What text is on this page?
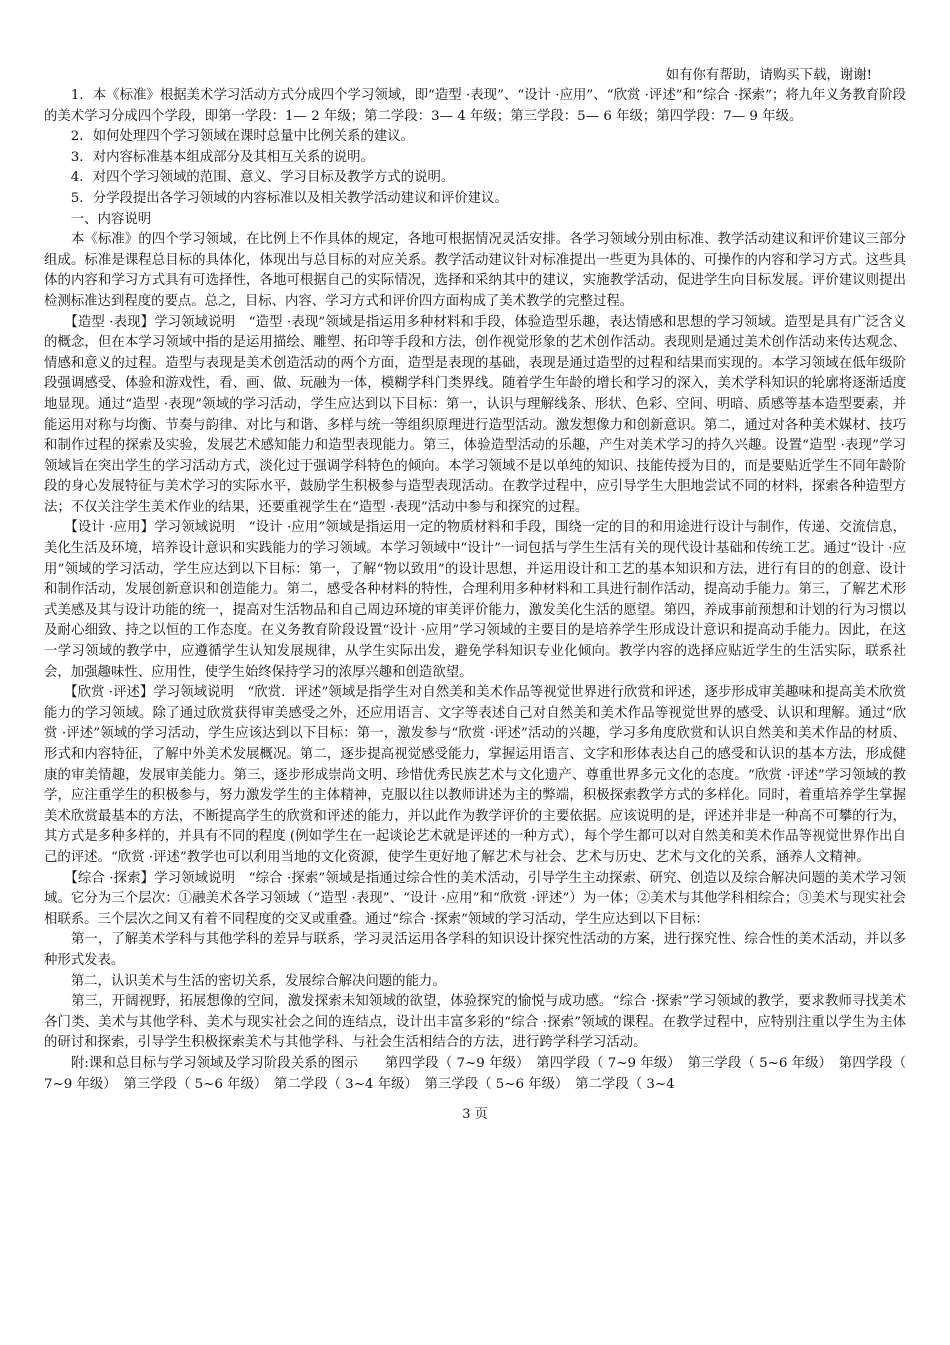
如有你有帮助，请购买下载，谢谢!

　　1．本《标准》根据美术学习活动方式分成四个学习领域，即“造型 ·表现”、“设计 ·应用”、“欣赏 ·评述”和“综合 ·探索”；将九年义务教育阶段的美术学习分成四个学段，即第一学段：1— 2 年级；第二学段：3— 4 年级；第三学段：5— 6 年级；第四学段：7— 9 年级。

　　2．如何处理四个学习领域在课时总量中比例关系的建议。

　　3．对内容标准基本组成部分及其相互关系的说明。

　　4．对四个学习领域的范围、意义、学习目标及教学方式的说明。

　　5．分学段提出各学习领域的内容标准以及相关教学活动建议和评价建议。

　　一、内容说明

　　本《标准》的四个学习领域，在比例上不作具体的规定，各地可根据情况灵活安排。各学习领域分别由标准、教学活动建议和评价建议三部分组成。标准是课程总目标的具体化，体现出与总目标的对应关系。教学活动建议针对标准提出一些更为具体的、可操作的内容和学习方式。这些具体的内容和学习方式具有可选择性，各地可根据自己的实际情况，选择和采纳其中的建议，实施教学活动，促进学生向目标发展。评价建议则提出检测标准达到程度的要点。总之，目标、内容、学习方式和评价四方面构成了美术教学的完整过程。

　　【造型 ·表现】学习领域说明　“造型 ·表现”领域是指运用多种材料和手段，体验造型乐趣，表达情感和思想的学习领域。造型是具有广泛含义的概念，但在本学习领域中指的是运用描绘、雕塑、拓印等手段和方法，创作视觉形象的艺术创作活动。表现则是通过美术创作活动来传达观念、情感和意义的过程。造型与表现是美术创造活动的两个方面，造型是表现的基础，表现是通过造型的过程和结果而实现的。本学习领域在低年级阶段强调感受、体验和游戏性，看、画、做、玩融为一体，模糊学科门类界线。随着学生年龄的增长和学习的深入，美术学科知识的轮廓将逐渐适度地显现。通过“造型 ·表现”领域的学习活动，学生应达到以下目标：第一，认识与理解线条、形状、色彩、空间、明暗、质感等基本造型要素，并能运用对称与均衡、节奏与韵律、对比与和谐、多样与统一等组织原理进行造型活动。激发想像力和创新意识。第二，通过对各种美术媒材、技巧和制作过程的探索及实验，发展艺术感知能力和造型表现能力。第三，体验造型活动的乐趣，产生对美术学习的持久兴趣。设置“造型 ·表现”学习领域旨在突出学生的学习活动方式，淡化过于强调学科特色的倾向。本学习领域不是以单纯的知识、技能传授为目的，而是要贴近学生不同年龄阶段的身心发展特征与美术学习的实际水平，鼓励学生积极参与造型表现活动。在教学过程中，应引导学生大胆地尝试不同的材料，探索各种造型方法；不仅关注学生美术作业的结果，还要重视学生在“造型 ·表现”活动中参与和探究的过程。

　　【设计 ·应用】学习领域说明　“设计 ·应用”领域是指运用一定的物质材料和手段，围绕一定的目的和用途进行设计与制作，传递、交流信息，美化生活及环境，培养设计意识和实践能力的学习领域。本学习领域中“设计”一词包括与学生生活有关的现代设计基础和传统工艺。通过“设计 ·应用”领域的学习活动，学生应达到以下目标：第一，了解“物以致用”的设计思想，并运用设计和工艺的基本知识和方法，进行有目的的创意、设计和制作活动，发展创新意识和创造能力。第二，感受各种材料的特性，合理利用多种材料和工具进行制作活动，提高动手能力。第三，了解艺术形式美感及其与设计功能的统一，提高对生活物品和自己周边环境的审美评价能力，激发美化生活的愿望。第四，养成事前预想和计划的行为习惯以及耐心细致、持之以恒的工作态度。在义务教育阶段设置“设计 ·应用”学习领域的主要目的是培养学生形成设计意识和提高动手能力。因此，在这一学习领域的教学中，应遵循学生认知发展规律，从学生实际出发，避免学科知识专业化倾向。教学内容的选择应贴近学生的生活实际，联系社会，加强趣味性、应用性，使学生始终保持学习的浓厚兴趣和创造欲望。

　　【欣赏 ·评述】学习领域说明　“欣赏．评述”领域是指学生对自然美和美术作品等视觉世界进行欣赏和评述，逐步形成审美趣味和提高美术欣赏能力的学习领域。除了通过欣赏获得审美感受之外，还应用语言、文字等表述自己对自然美和美术作品等视觉世界的感受、认识和理解。通过“欣赏 ·评述”领域的学习活动，学生应该达到以下目标：第一，激发参与“欣赏 ·评述”活动的兴趣，学习多角度欣赏和认识自然美和美术作品的材质、形式和内容特征，了解中外美术发展概况。第二，逐步提高视觉感受能力，掌握运用语言、文字和形体表达自己的感受和认识的基本方法，形成健康的审美情趣，发展审美能力。第三，逐步形成崇尚文明、珍惜优秀民族艺术与文化遗产、尊重世界多元文化的态度。“欣赏 ·评述”学习领域的教学，应注重学生的积极参与，努力激发学生的主体精神，克服以往以教师讲述为主的弊端，积极探索教学方式的多样化。同时，着重培养学生掌握美术欣赏最基本的方法，不断提高学生的欣赏和评述的能力，并以此作为教学评价的主要依据。应该说明的是，评述并非是一种高不可攀的行为，其方式是多种多样的，并具有不同的程度 (例如学生在一起谈论艺术就是评述的一种方式），每个学生都可以对自然美和美术作品等视觉世界作出自己的评述。“欣赏 ·评述”教学也可以利用当地的文化资源，使学生更好地了解艺术与社会、艺术与历史、艺术与文化的关系，涵养人文精神。

　　【综合 ·探索】学习领域说明　“综合 ·探索”领域是指通过综合性的美术活动，引导学生主动探索、研究、创造以及综合解决问题的美术学习领域。它分为三个层次：①融美术各学习领域（“造型 ·表现”、“设计 ·应用”和“欣赏 ·评述”）为一体；②美术与其他学科相综合；③美术与现实社会相联系。三个层次之间又有着不同程度的交叉或重叠。通过“综合 ·探索”领域的学习活动，学生应达到以下目标：

　　第一，了解美术学科与其他学科的差异与联系，学习灵活运用各学科的知识设计探究性活动的方案，进行探究性、综合性的美术活动，并以多种形式发表。

　　第二，认识美术与生活的密切关系，发展综合解决问题的能力。

　　第三，开阔视野，拓展想像的空间，激发探索未知领域的欲望，体验探究的愉悦与成功感。“综合 ·探索”学习领域的教学，要求教师寻找美术各门类、美术与其他学科、美术与现实社会之间的连结点，设计出丰富多彩的“综合 ·探索”领域的课程。在教学过程中，应特别注重以学生为主体的研讨和探索，引导学生积极探索美术与其他学科、与社会生活相结合的方法，进行跨学科学习活动。

　　附:课和总目标与学习领域及学习阶段关系的图示　　第四学段（ 7~9 年级）　第四学段（ 7~9 年级）　第三学段（ 5~6 年级）　第四学段（ 7~9 年级）　第三学段（ 5~6 年级）　第二学段（ 3~4 年级）　第三学段（ 5~6 年级）　第二学段（ 3~4

3 页
